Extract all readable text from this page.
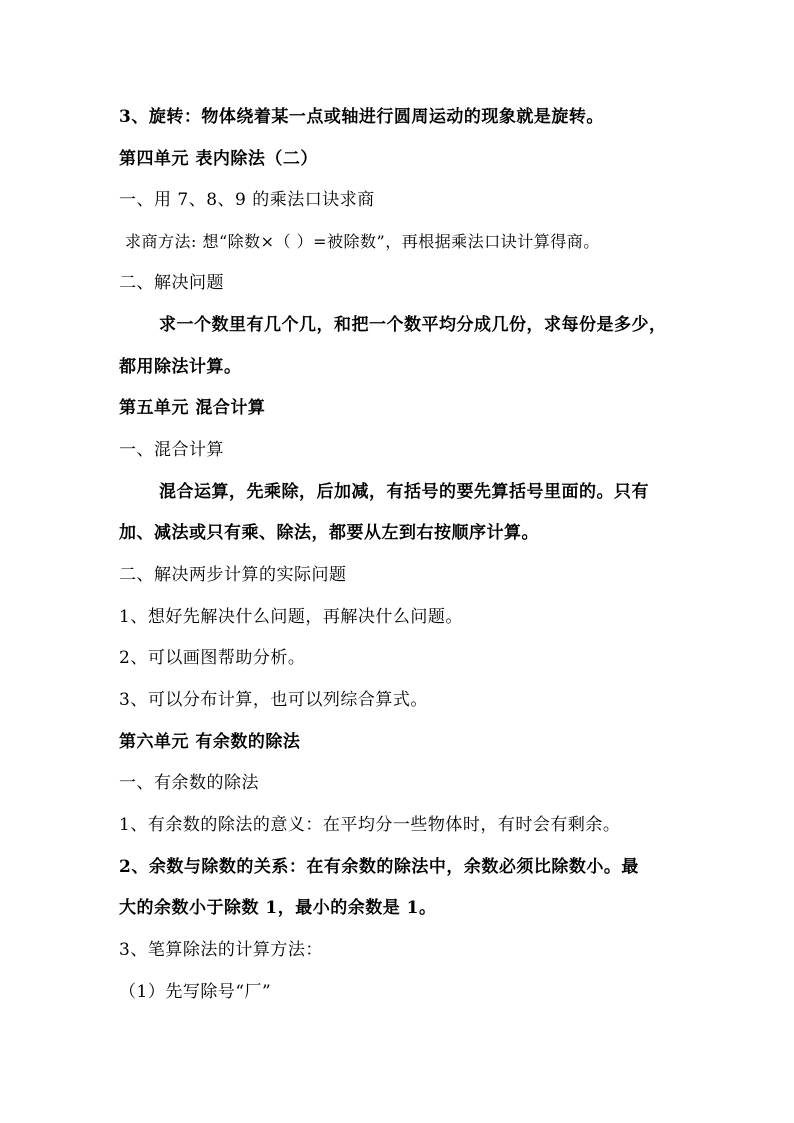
3、旋转：物体绕着某一点或轴进行圆周运动的现象就是旋转。
第四单元 表内除法（二）
一、用 7、8、9 的乘法口诀求商
求商方法: 想“除数×（ ）=被除数”，再根据乘法口诀计算得商。
二、解决问题
求一个数里有几个几，和把一个数平均分成几份，求每份是多少，
都用除法计算。
第五单元 混合计算
一、混合计算
混合运算，先乘除，后加减，有括号的要先算括号里面的。只有
加、减法或只有乘、除法，都要从左到右按顺序计算。
二、解决两步计算的实际问题
1、想好先解决什么问题，再解决什么问题。
2、可以画图帮助分析。
3、可以分布计算，也可以列综合算式。
第六单元 有余数的除法
一、有余数的除法
1、有余数的除法的意义：在平均分一些物体时，有时会有剩余。
2、余数与除数的关系：在有余数的除法中，余数必须比除数小。最
大的余数小于除数 1，最小的余数是 1。
3、笔算除法的计算方法：
（1）先写除号“厂”
